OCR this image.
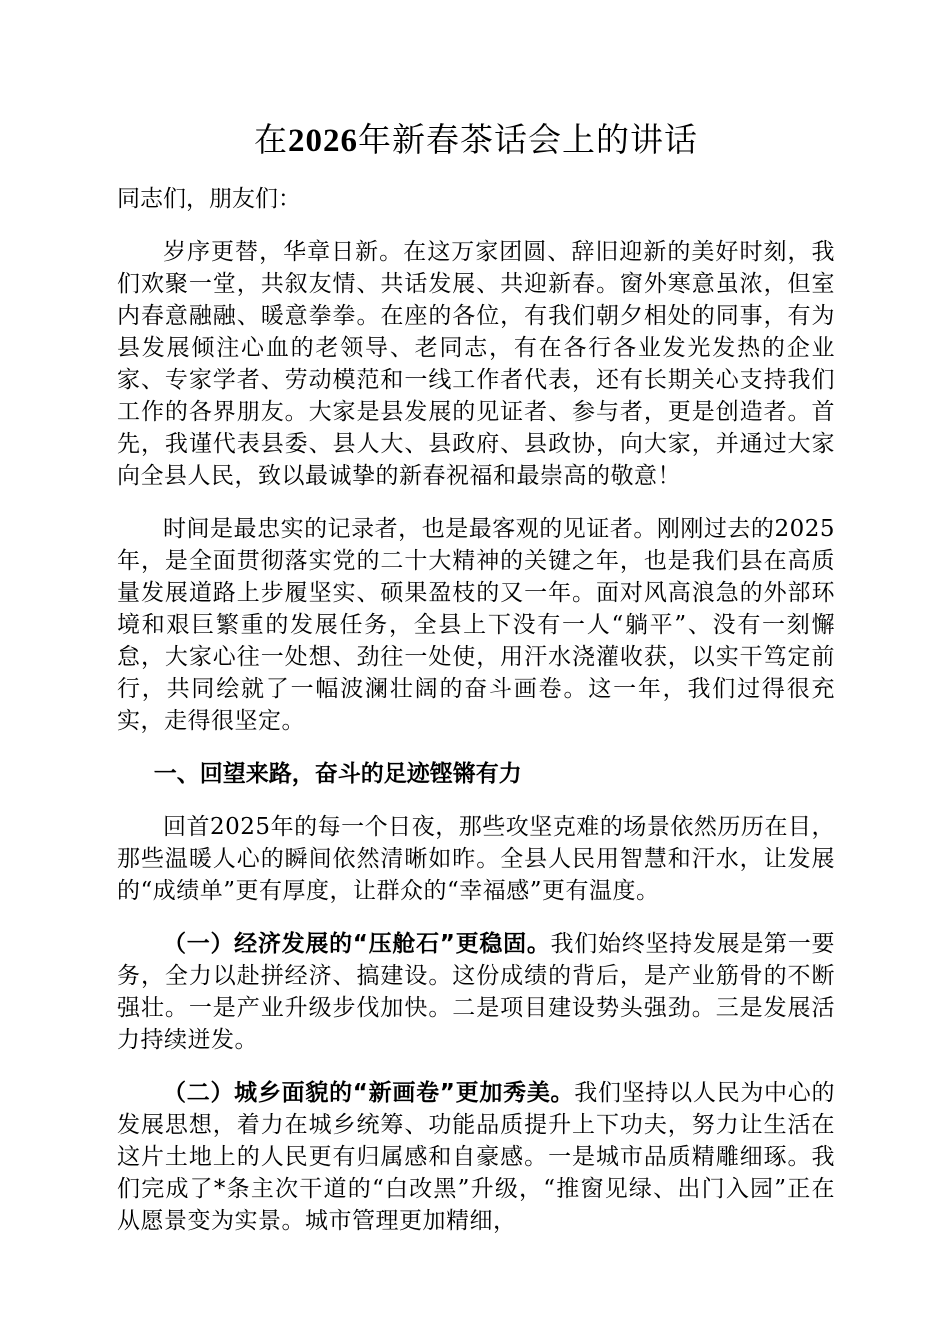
在2026年新春茶话会上的讲话

同志们，朋友们：

岁序更替，华章日新。在这万家团圆、辞旧迎新的美好时刻，我们欢聚一堂，共叙友情、共话发展、共迎新春。窗外寒意虽浓，但室内春意融融、暖意拳拳。在座的各位，有我们朝夕相处的同事，有为县发展倾注心血的老领导、老同志，有在各行各业发光发热的企业家、专家学者、劳动模范和一线工作者代表，还有长期关心支持我们工作的各界朋友。大家是县发展的见证者、参与者，更是创造者。首先，我谨代表县委、县人大、县政府、县政协，向大家，并通过大家向全县人民，致以最诚挚的新春祝福和最崇高的敬意！

时间是最忠实的记录者，也是最客观的见证者。刚刚过去的2025年，是全面贯彻落实党的二十大精神的关键之年，也是我们县在高质量发展道路上步履坚实、硕果盈枝的又一年。面对风高浪急的外部环境和艰巨繁重的发展任务，全县上下没有一人“躺平”、没有一刻懈怠，大家心往一处想、劲往一处使，用汗水浇灌收获，以实干笃定前行，共同绘就了一幅波澜壮阔的奋斗画卷。这一年，我们过得很充实，走得很坚定。

一、回望来路，奋斗的足迹铿锵有力

回首2025年的每一个日夜，那些攻坚克难的场景依然历历在目，那些温暖人心的瞬间依然清晰如昨。全县人民用智慧和汗水，让发展的“成绩单”更有厚度，让群众的“幸福感”更有温度。

（一）经济发展的“压舱石”更稳固。我们始终坚持发展是第一要务，全力以赴拼经济、搞建设。这份成绩的背后，是产业筋骨的不断强壮。一是产业升级步伐加快。二是项目建设势头强劲。三是发展活力持续迸发。

（二）城乡面貌的“新画卷”更加秀美。我们坚持以人民为中心的发展思想，着力在城乡统筹、功能品质提升上下功夫，努力让生活在这片土地上的人民更有归属感和自豪感。一是城市品质精雕细琢。我们完成了*条主次干道的“白改黑”升级，“推窗见绿、出门入园”正在从愿景变为实景。城市管理更加精细，
